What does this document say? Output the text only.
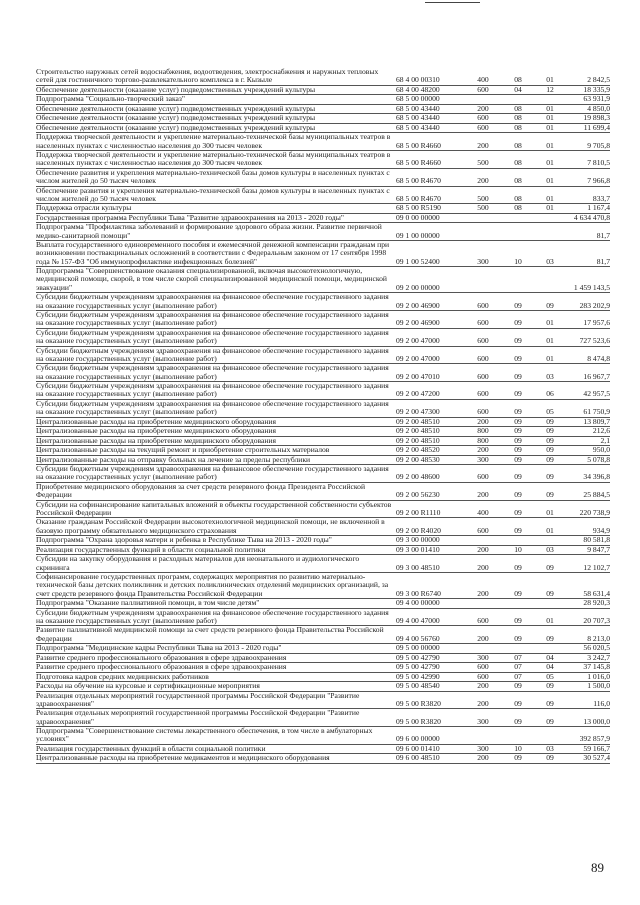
Строительство наружных сетей водоснабжения, водоотведения, электроснабжения и наружных тепловых сетей для гостиничного торгово-развлекательного комплекса в г. Кызыле	68 4 00 00310	400	08	01	2 842,5
Обеспечение деятельности (оказание услуг) подведомственных учреждений культуры	68 4 00 48200	600	04	12	18 335,9
Подпрограмма "Социально-творческий заказ"	68 5 00 00000				63 931,9
Обеспечение деятельности (оказание услуг) подведомственных учреждений культуры	68 5 00 43440	200	08	01	4 850,0
Обеспечение деятельности (оказание услуг) подведомственных учреждений культуры	68 5 00 43440	600	08	01	19 898,3
Обеспечение деятельности (оказание услуг) подведомственных учреждений культуры	68 5 00 43440	600	08	01	11 699,4
Поддержка творческой деятельности и укрепление материально-технической базы муниципальных театров в населенных пунктах с численностью населения до 300 тысяч человек	68 5 00 R4660	200	08	01	9 705,8
Поддержка творческой деятельности и укрепление материально-технической базы муниципальных театров в населенных пунктах с численностью населения до 300 тысяч человек	68 5 00 R4660	500	08	01	7 810,5
Обеспечение развития и укрепления материально-технической базы домов культуры в населенных пунктах с числом жителей до 50 тысяч человек	68 5 00 R4670	200	08	01	7 966,8
Обеспечение развития и укрепления материально-технической базы домов культуры в населенных пунктах с числом жителей до 50 тысяч человек	68 5 00 R4670	500	08	01	833,7
Поддержка отрасли культуры	68 5 00 R5190	500	08	01	1 167,4
Государственная программа Республики Тыва "Развитие здравоохранения на 2013 - 2020 годы"	09 0 00 00000				4 634 470,8
Подпрограмма "Профилактика заболеваний и формирование здорового образа жизни. Развитие первичной медико-санитарной помощи"	09 1 00 00000				81,7
Выплата государственного единовременного пособия и ежемесячной денежной компенсации гражданам при возникновении поствакцинальных осложнений в соответствии с Федеральным законом от 17 сентября 1998 года № 157-ФЗ "Об иммунопрофилактике инфекционных болезней"	09 1 00 52400	300	10	03	81,7
Подпрограмма "Совершенствование оказания специализированной, включая высокотехнологичную, медицинской помощи, скорой, в том числе скорой специализированной медицинской помощи, медицинской эвакуации"	09 2 00 00000				1 459 143,5
Субсидии бюджетным учреждениям здравоохранения на финансовое обеспечение государственного задания на оказание государственных услуг (выполнение работ)	09 2 00 46900	600	09	09	283 202,9
Субсидии бюджетным учреждениям здравоохранения на финансовое обеспечение государственного задания на оказание государственных услуг (выполнение работ)	09 2 00 46900	600	09	01	17 957,6
Субсидии бюджетным учреждениям здравоохранения на финансовое обеспечение государственного задания на оказание государственных услуг (выполнение работ)	09 2 00 47000	600	09	01	727 523,6
Субсидии бюджетным учреждениям здравоохранения на финансовое обеспечение государственного задания на оказание государственных услуг (выполнение работ)	09 2 00 47000	600	09	01	8 474,8
Субсидии бюджетным учреждениям здравоохранения на финансовое обеспечение государственного задания на оказание государственных услуг (выполнение работ)	09 2 00 47010	600	09	03	16 967,7
Субсидии бюджетным учреждениям здравоохранения на финансовое обеспечение государственного задания на оказание государственных услуг (выполнение работ)	09 2 00 47200	600	09	06	42 957,5
Субсидии бюджетным учреждениям здравоохранения на финансовое обеспечение государственного задания на оказание государственных услуг (выполнение работ)	09 2 00 47300	600	09	05	61 750,9
Централизованные расходы на приобретение медицинского оборудования	09 2 00 48510	200	09	09	13 809,7
Централизованные расходы на приобретение медицинского оборудования	09 2 00 48510	800	09	09	212,6
Централизованные расходы на приобретение медицинского оборудования	09 2 00 48510	800	09	09	2,1
Централизованные расходы на текущий ремонт и приобретение строительных материалов	09 2 00 48520	200	09	09	950,0
Централизованные расходы на отправку больных на лечение за пределы республики	09 2 00 48530	300	09	09	5 078,8
Субсидии бюджетным учреждениям здравоохранения на финансовое обеспечение государственного задания на оказание государственных услуг (выполнение работ)	09 2 00 48600	600	09	09	34 396,8
Приобретение медицинского оборудования за счет средств резервного фонда Президента Российской Федерации	09 2 00 56230	200	09	09	25 884,5
Субсидии на софинансирование капитальных вложений в объекты государственной собственности субъектов Российской Федерации	09 2 00 R1110	400	09	01	220 738,9
Оказание гражданам Российской Федерации высокотехнологичной медицинской помощи, не включенной в базовую программу обязательного медицинского страхования	09 2 00 R4020	600	09	01	934,9
Подпрограмма "Охрана здоровья матери и ребенка в Республике Тыва на 2013 - 2020 годы"	09 3 00 00000				80 581,8
Реализация государственных функций в области социальной политики	09 3 00 01410	200	10	03	9 847,7
Субсидии на закупку оборудования и расходных материалов для неонатального и аудиологического скрининга	09 3 00 48510	200	09	09	12 102,7
Софинансирование государственных программ, содержащих мероприятия по развитию материально-технической базы детских поликлиник и детских поликлинических отделений медицинских организаций, за счет средств резервного фонда Правительства Российской Федерации	09 3 00 R6740	200	09	09	58 631,4
Подпрограмма "Оказание паллиативной помощи, в том числе детям"	09 4 00 00000				28 920,3
Субсидии бюджетным учреждениям здравоохранения на финансовое обеспечение государственного задания на оказание государственных услуг (выполнение работ)	09 4 00 47000	600	09	01	20 707,3
Развитие паллиативной медицинской помощи за счет средств резервного фонда Правительства Российской Федерации	09 4 00 56760	200	09	09	8 213,0
Подпрограмма "Медицинские кадры Республики Тыва на 2013 - 2020 годы"	09 5 00 00000				56 020,5
Развитие среднего профессионального образования в сфере здравоохранения	09 5 00 42790	300	07	04	3 242,7
Развитие среднего профессионального образования в сфере здравоохранения	09 5 00 42790	600	07	04	37 145,8
Подготовка кадров средних медицинских работников	09 5 00 42990	600	07	05	1 016,0
Расходы на обучение на курсовые и сертификационные мероприятия	09 5 00 48540	200	09	09	1 500,0
Реализация отдельных мероприятий государственной программы Российской Федерации "Развитие здравоохранения"	09 5 00 R3820	200	09	09	116,0
Реализация отдельных мероприятий государственной программы Российской Федерации "Развитие здравоохранения"	09 5 00 R3820	300	09	09	13 000,0
Подпрограмма "Совершенствование системы лекарственного обеспечения, в том числе в амбулаторных условиях"	09 6 00 00000				392 857,9
Реализация государственных функций в области социальной политики	09 6 00 01410	300	10	03	59 166,7
Централизованные расходы на приобретение медикаментов и медицинского оборудования	09 6 00 48510	200	09	09	30 527,4
89
